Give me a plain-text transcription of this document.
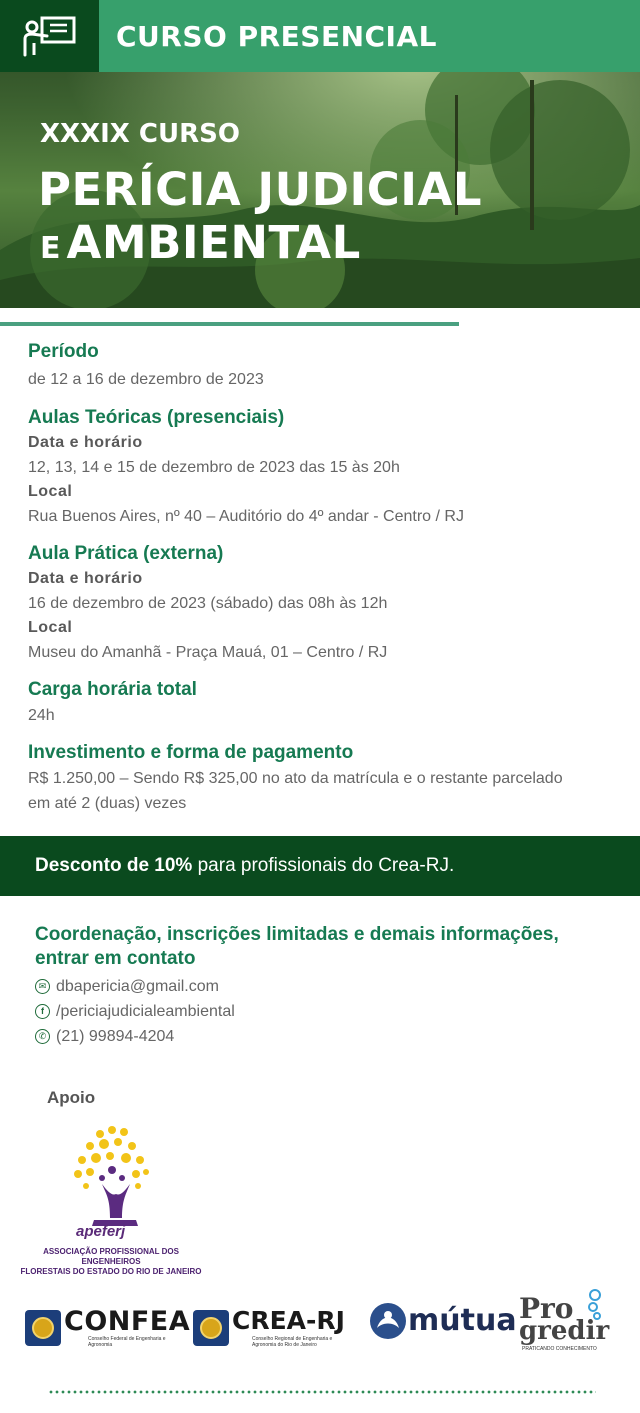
CURSO PRESENCIAL
XXXIX CURSO
PERÍCIA JUDICIAL
E AMBIENTAL
Período
de 12 a 16 de dezembro de 2023
Aulas Teóricas (presenciais)
Data e horário
12, 13, 14 e 15 de dezembro de 2023 das 15 às 20h
Local
Rua Buenos Aires, nº 40 – Auditório do 4º andar - Centro / RJ
Aula Prática (externa)
Data e horário
16 de dezembro de 2023 (sábado) das 08h às 12h
Local
Museu do Amanhã - Praça Mauá, 01 – Centro / RJ
Carga horária total
24h
Investimento e forma de pagamento
R$ 1.250,00 – Sendo R$ 325,00 no ato da matrícula e o restante parcelado
em até 2 (duas) vezes
Desconto de 10% para profissionais do Crea-RJ.
Coordenação, inscrições limitadas e demais informações,
entrar em contato
✉ dbapericia@gmail.com
f /periciajudicialeambiental
✆ (21) 99894-4204
Apoio
apeferj
ASSOCIAÇÃO PROFISSIONAL DOS ENGENHEIROS
FLORESTAIS DO ESTADO DO RIO DE JANEIRO
CONFEA
Conselho Federal de Engenharia e Agronomia
CREA-RJ
Conselho Regional de Engenharia e Agronomia do Rio de Janeiro
mútua Pro
gredir
PRATICANDO CONHECIMENTO
